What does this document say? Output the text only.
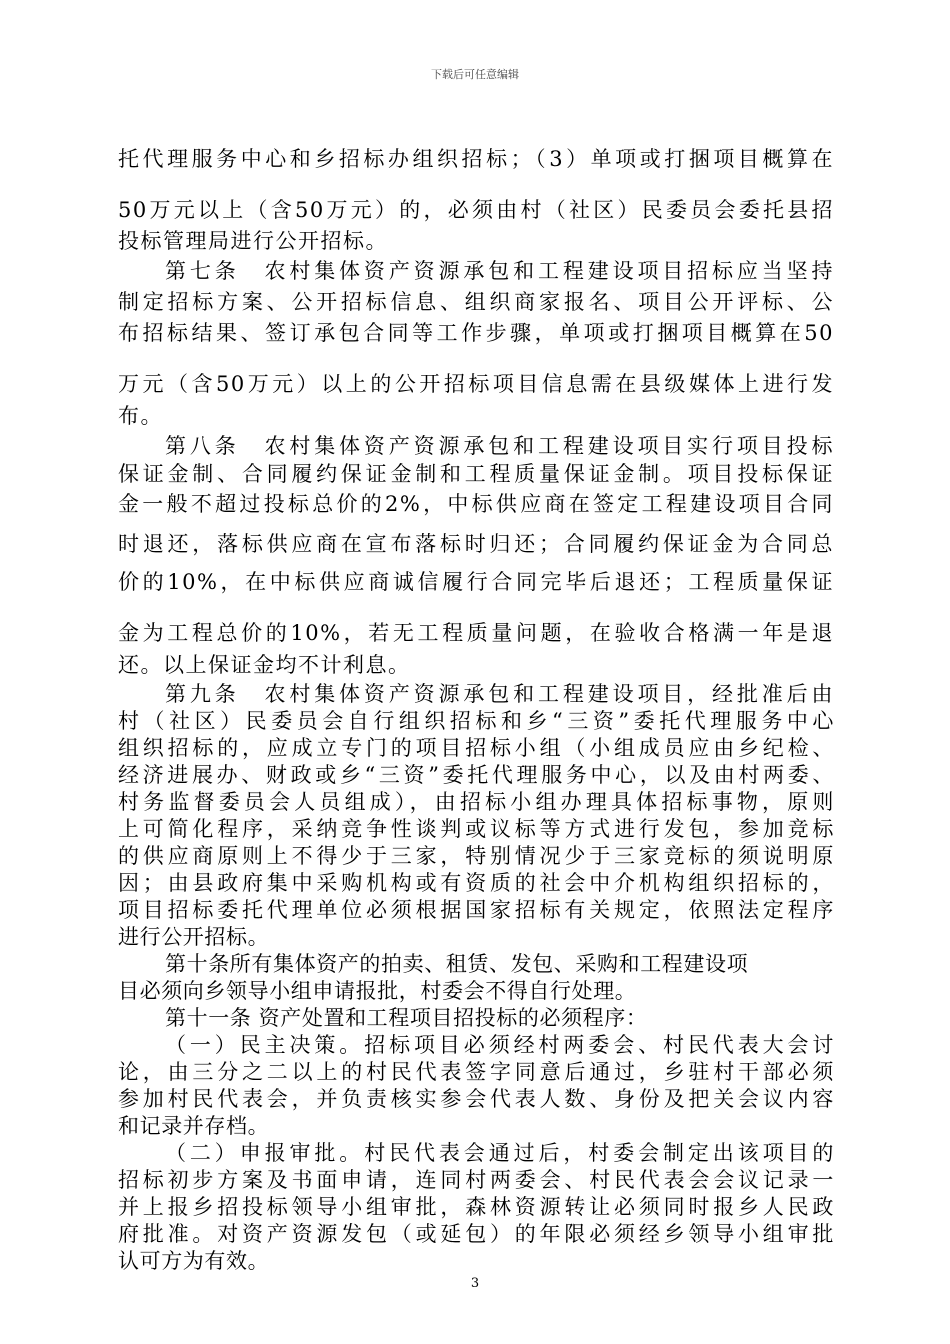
下载后可任意编辑
托代理服务中心和乡招标办组织招标；（3）单项或打捆项目概算在
50万元以上（含50万元）的，必须由村（社区）民委员会委托县招
投标管理局进行公开招标。
第七条　农村集体资产资源承包和工程建设项目招标应当坚持
制定招标方案、公开招标信息、组织商家报名、项目公开评标、公
布招标结果、签订承包合同等工作步骤，单项或打捆项目概算在50
万元（含50万元）以上的公开招标项目信息需在县级媒体上进行发
布。
第八条　农村集体资产资源承包和工程建设项目实行项目投标
保证金制、合同履约保证金制和工程质量保证金制。项目投标保证
金一般不超过投标总价的2%，中标供应商在签定工程建设项目合同
时退还，落标供应商在宣布落标时归还；合同履约保证金为合同总
价的10%，在中标供应商诚信履行合同完毕后退还；工程质量保证
金为工程总价的10%，若无工程质量问题，在验收合格满一年是退
还。以上保证金均不计利息。
第九条　农村集体资产资源承包和工程建设项目，经批准后由
村（社区）民委员会自行组织招标和乡“三资”委托代理服务中心
组织招标的，应成立专门的项目招标小组（小组成员应由乡纪检、
经济进展办、财政或乡“三资”委托代理服务中心，以及由村两委、
村务监督委员会人员组成），由招标小组办理具体招标事物，原则
上可简化程序，采纳竞争性谈判或议标等方式进行发包，参加竞标
的供应商原则上不得少于三家，特别情况少于三家竞标的须说明原
因；由县政府集中采购机构或有资质的社会中介机构组织招标的，
项目招标委托代理单位必须根据国家招标有关规定，依照法定程序
进行公开招标。
第十条所有集体资产的拍卖、租赁、发包、采购和工程建设项
目必须向乡领导小组申请报批，村委会不得自行处理。
第十一条 资产处置和工程项目招投标的必须程序：
（一）民主决策。招标项目必须经村两委会、村民代表大会讨
论，由三分之二以上的村民代表签字同意后通过，乡驻村干部必须
参加村民代表会，并负责核实参会代表人数、身份及把关会议内容
和记录并存档。
（二）申报审批。村民代表会通过后，村委会制定出该项目的
招标初步方案及书面申请，连同村两委会、村民代表会会议记录一
并上报乡招投标领导小组审批，森林资源转让必须同时报乡人民政
府批准。对资产资源发包（或延包）的年限必须经乡领导小组审批
认可方为有效。
3
